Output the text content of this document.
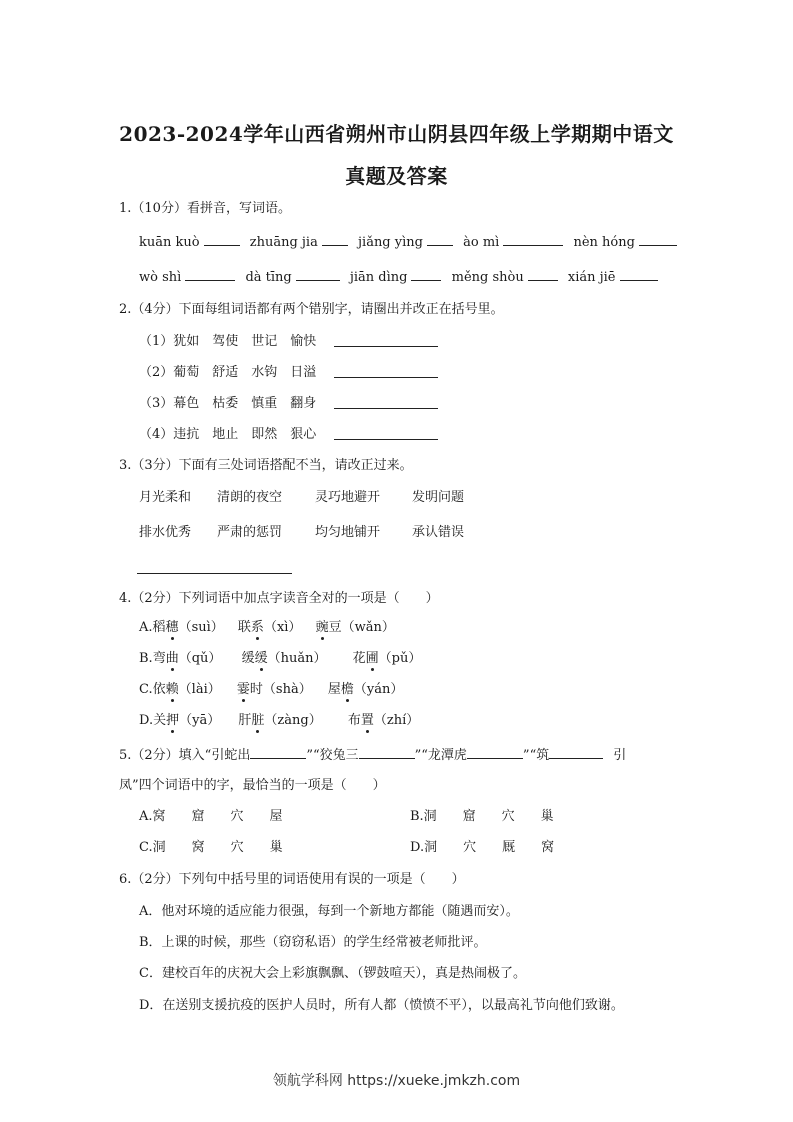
2023-2024学年山西省朔州市山阴县四年级上学期期中语文
真题及答案
1.（10分）看拼音，写词语。
kuān kuò	zhuāng jia	jiǎng yìng	ào mì	nèn hóng
wò shì	dà tīng	jiān dìng	měng shòu	xián jiē
2.（4分）下面每组词语都有两个错别字，请圈出并改正在括号里。
（1）犹如　驾使　世记　愉快
（2）葡萄　舒适　水钩　日溢
（3）幕色　枯委　慎重　翻身
（4）违抗　地止　即然　狠心
3.（3分）下面有三处词语搭配不当，请改正过来。
月光柔和 清朗的夜空	灵巧地避开 发明问题
排水优秀 严肃的惩罚	均匀地铺开 承认错误
4.（2分）下列词语中加点字读音全对的一项是（　　）
A.稻穗（suì） 联系（xì） 豌豆（wǎn）
B.弯曲（qǔ） 缓缓（huǎn） 花圃（pǔ）
C.依赖（lài） 霎时（shà） 屋檐（yán）
D.关押（yā） 肝脏（zàng） 布置（zhí）
5.（2分）填入“引蛇出	”“狡兔三	”“龙潭虎	”“筑	引
凤”四个词语中的字，最恰当的一项是（　　）
A.窝　　窟　　穴　　屋	B.洞　　窟　　穴　　巢
C.洞　　窝　　穴　　巢	D.洞　　穴　　厩　　窝
6.（2分）下列句中括号里的词语使用有误的一项是（　　）
A．他对环境的适应能力很强，每到一个新地方都能（随遇而安）。
B．上课的时候，那些（窃窃私语）的学生经常被老师批评。
C．建校百年的庆祝大会上彩旗飘飘、（锣鼓喧天），真是热闹极了。
D．在送别支援抗疫的医护人员时，所有人都（愤愤不平），以最高礼节向他们致谢。
领航学科网 https://xueke.jmkzh.com
